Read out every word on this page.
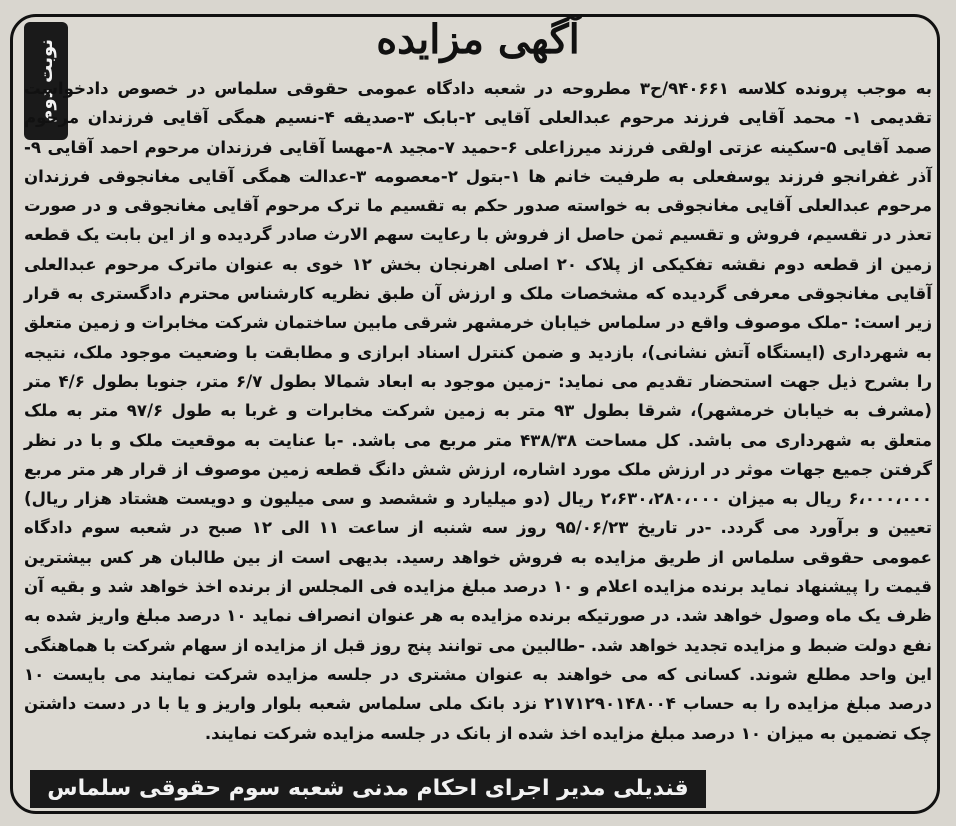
نوبت دوم	آگهی مزایده
به موجب پرونده کلاسه ۹۴۰۶۶۱/ح۳ مطروحه در شعبه دادگاه عمومی حقوقی سلماس در خصوص دادخواست تقدیمی ۱- محمد آقایی فرزند مرحوم عبدالعلی آقایی ۲-بابک ۳-صدیقه ۴-نسیم همگی آقایی فرزندان مرحوم صمد آقایی ۵-سکینه عزتی اولقی فرزند میرزاعلی ۶-حمید ۷-مجید ۸-مهسا آقایی فرزندان مرحوم احمد آقایی ۹-آذر غفرانجو فرزند یوسفعلی به طرفیت خانم ها ۱-بتول ۲-معصومه ۳-عدالت همگی آقایی مغانجوقی فرزندان مرحوم عبدالعلی آقایی مغانجوقی به خواسته صدور حکم به تقسیم ما ترک مرحوم آقایی مغانجوقی و در صورت تعذر در تقسیم، فروش و تقسیم ثمن حاصل از فروش با رعایت سهم الارث صادر گردیده و از این بابت یک قطعه زمین از قطعه دوم نقشه تفکیکی از پلاک ۲۰ اصلی اهرنجان بخش ۱۲ خوی به عنوان ماترک مرحوم عبدالعلی آقایی مغانجوقی معرفی گردیده که مشخصات ملک و ارزش آن طبق نظریه کارشناس محترم دادگستری به قرار زیر است: -ملک موصوف واقع در سلماس خیابان خرمشهر شرقی مابین ساختمان شرکت مخابرات و زمین متعلق به شهرداری (ایستگاه آتش نشانی)، بازدید و ضمن کنترل اسناد ابرازی و مطابقت با وضعیت موجود ملک، نتیجه را بشرح ذیل جهت استحضار تقدیم می نماید: -زمین موجود به ابعاد شمالا بطول ۶/۷ متر، جنوبا بطول ۴/۶ متر (مشرف به خیابان خرمشهر)، شرقا بطول ۹۳ متر به زمین شرکت مخابرات و غربا به طول ۹۷/۶ متر به ملک متعلق به شهرداری می باشد. کل مساحت ۴۳۸/۳۸ متر مربع می باشد. -با عنایت به موقعیت ملک و با در نظر گرفتن جمیع جهات موثر در ارزش ملک مورد اشاره، ارزش شش دانگ قطعه زمین موصوف از قرار هر متر مربع ۶،۰۰۰،۰۰۰ ریال به میزان ۲،۶۳۰،۲۸۰،۰۰۰ ریال (دو میلیارد و ششصد و سی میلیون و دویست هشتاد هزار ریال) تعیین و برآورد می گردد. -در تاریخ ۹۵/۰۶/۲۳ روز سه شنبه از ساعت ۱۱ الی ۱۲ صبح در شعبه سوم دادگاه عمومی حقوقی سلماس از طریق مزایده به فروش خواهد رسید. بدیهی است از بین طالبان هر کس بیشترین قیمت را پیشنهاد نماید برنده مزایده اعلام و ۱۰ درصد مبلغ مزایده فی المجلس از برنده اخذ خواهد شد و بقیه آن ظرف یک ماه وصول خواهد شد. در صورتیکه برنده مزایده به هر عنوان انصراف نماید ۱۰ درصد مبلغ واریز شده به نفع دولت ضبط و مزایده تجدید خواهد شد. -طالبین می توانند پنج روز قبل از مزایده از سهام شرکت با هماهنگی این واحد مطلع شوند. کسانی که می خواهند به عنوان مشتری در جلسه مزایده شرکت نمایند می بایست ۱۰ درصد مبلغ مزایده را به حساب ۲۱۷۱۲۹۰۱۴۸۰۰۴ نزد بانک ملی سلماس شعبه بلوار واریز و یا با در دست داشتن چک تضمین به میزان ۱۰ درصد مبلغ مزایده اخذ شده از بانک در جلسه مزایده شرکت نمایند.
قندیلی مدیر اجرای احکام مدنی شعبه سوم حقوقی سلماس
